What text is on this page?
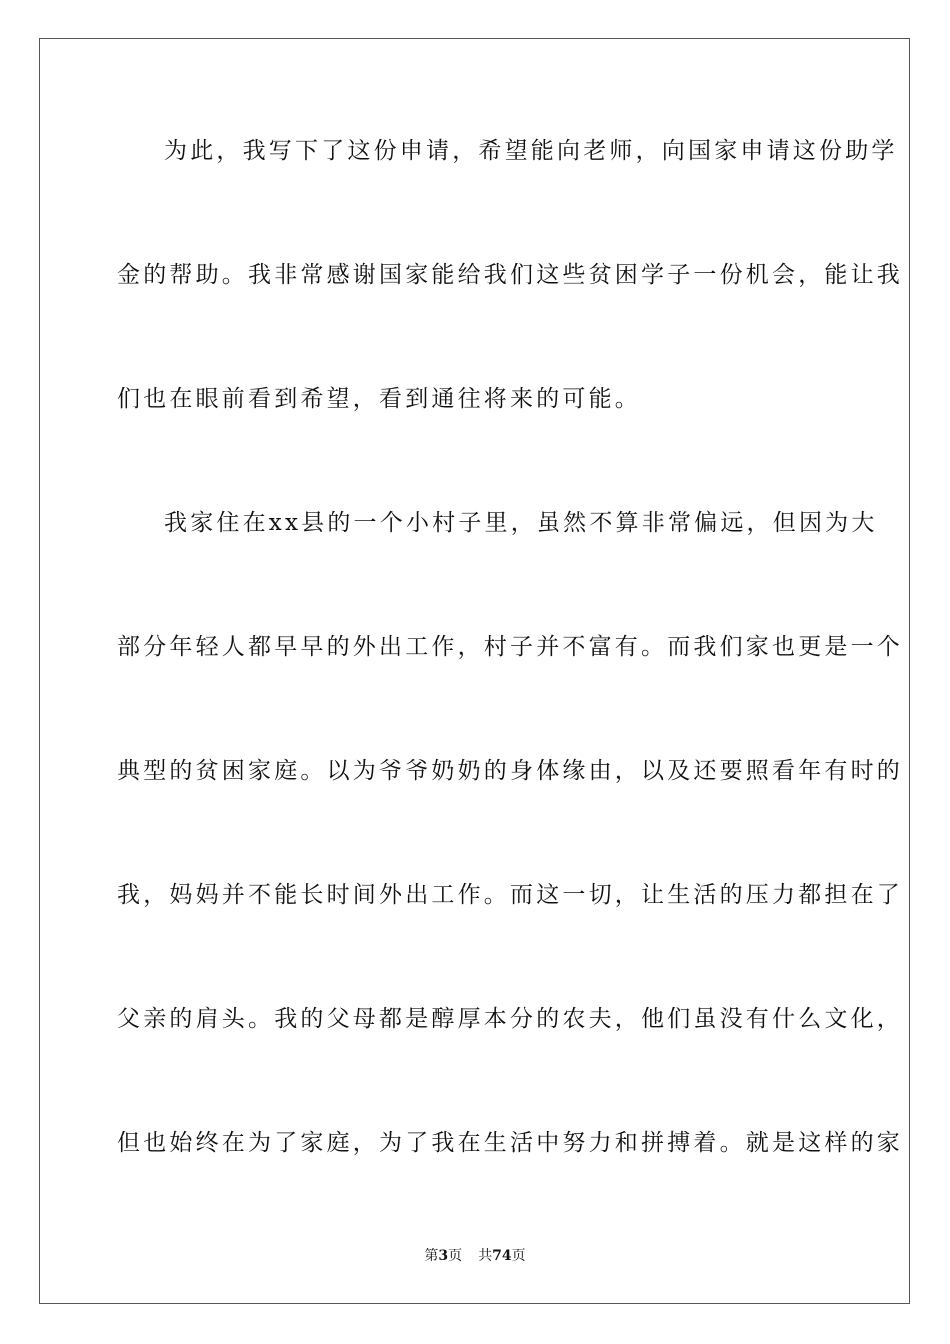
为此，我写下了这份申请，希望能向老师，向国家申请这份助学
金的帮助。我非常感谢国家能给我们这些贫困学子一份机会，能让我
们也在眼前看到希望，看到通往将来的可能。
我家住在xx县的一个小村子里，虽然不算非常偏远，但因为大
部分年轻人都早早的外出工作，村子并不富有。而我们家也更是一个
典型的贫困家庭。以为爷爷奶奶的身体缘由，以及还要照看年有时的
我，妈妈并不能长时间外出工作。而这一切，让生活的压力都担在了
父亲的肩头。我的父母都是醇厚本分的农夫，他们虽没有什么文化，
但也始终在为了家庭，为了我在生活中努力和拼搏着。就是这样的家
第3页 共74页
